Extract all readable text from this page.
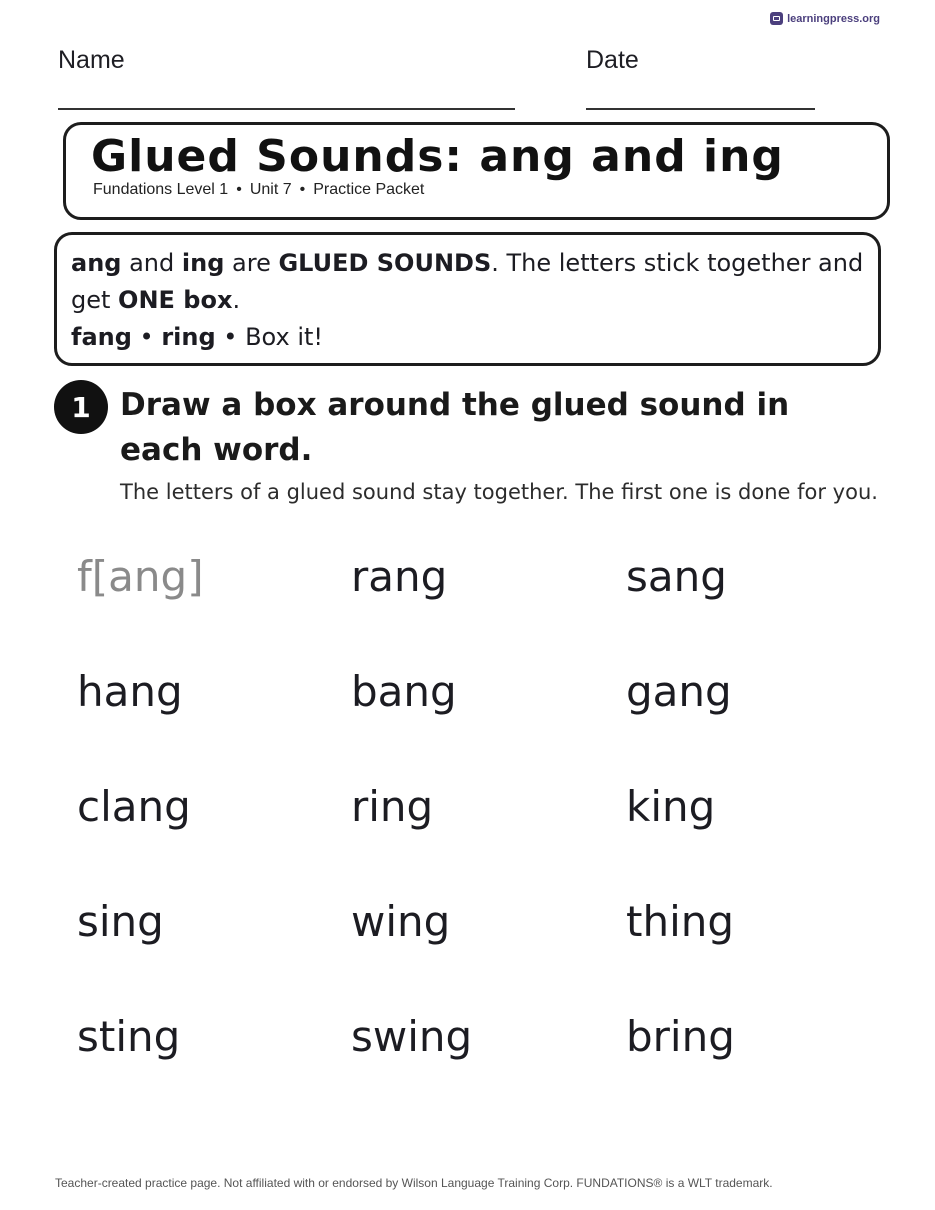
learningpress.org
Name	Date
Glued Sounds: ang and ing
Fundations Level 1 • Unit 7 • Practice Packet
ang and ing are GLUED SOUNDS. The letters stick together and get ONE box.
fang • ring • Box it!
1 Draw a box around the glued sound in each word.
The letters of a glued sound stay together. The first one is done for you.
f[ang]	rang	sang
hang	bang	gang
clang	ring	king
sing	wing	thing
sting	swing	bring
Teacher-created practice page. Not affiliated with or endorsed by Wilson Language Training Corp. FUNDATIONS® is a WLT trademark.
